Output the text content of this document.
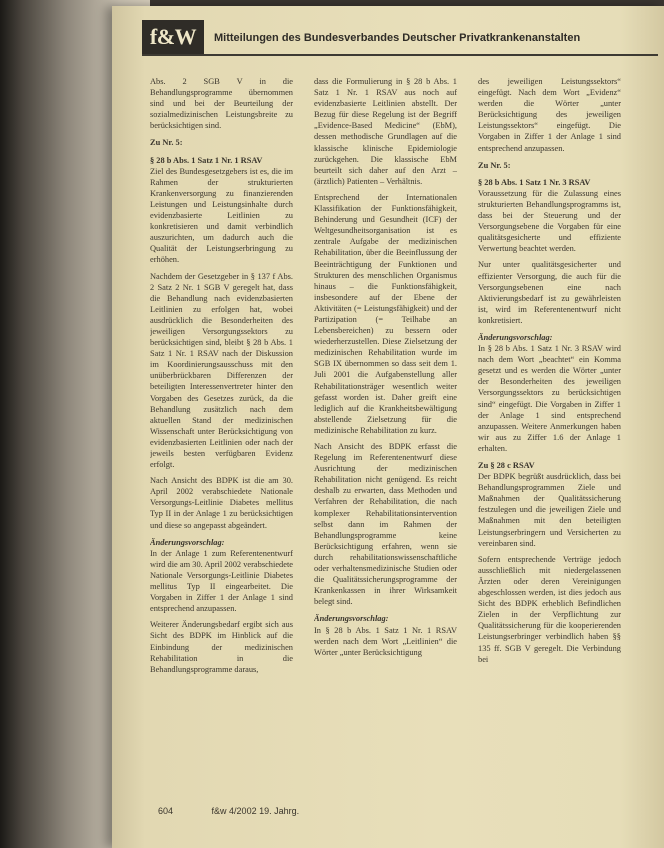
f&W	Mitteilungen des Bundesverbandes Deutscher Privatkrankenanstalten

Abs. 2 SGB V in die Behandlungsprogramme übernommen sind und bei der Beurteilung der sozialmedizinischen Leistungsbreite zu berücksichtigen sind.

Zu Nr. 5:

§ 28 b Abs. 1 Satz 1 Nr. 1 RSAV

Ziel des Bundesgesetzgebers ist es, die im Rahmen der strukturierten Krankenversorgung zu finanzierenden Leistungen und Leistungsinhalte durch evidenzbasierte Leitlinien zu konkretisieren und damit verbindlich auszurichten, um dadurch auch die Qualität der Leistungserbringung zu erhöhen.

Nachdem der Gesetzgeber in § 137 f Abs. 2 Satz 2 Nr. 1 SGB V geregelt hat, dass die Behandlung nach evidenzbasierten Leitlinien zu erfolgen hat, wobei ausdrücklich die Besonderheiten des jeweiligen Versorgungssektors zu berücksichtigen sind, bleibt § 28 b Abs. 1 Satz 1 Nr. 1 RSAV nach der Diskussion im Koordinierungsausschuss mit den unüberbrückbaren Differenzen der beteiligten Interessenvertreter hinter den Vorgaben des Gesetzes zurück, da die Behandlung zusätzlich nach dem aktuellen Stand der medizinischen Wissenschaft unter Berücksichtigung von evidenzbasierten Leitlinien oder nach der jeweils besten verfügbaren Evidenz erfolgt.

Nach Ansicht des BDPK ist die am 30. April 2002 verabschiedete Nationale Versorgungs-Leitlinie Diabetes mellitus Typ II in der Anlage 1 zu berücksichtigen und diese so angepasst abgeändert.

Änderungsvorschlag:

In der Anlage 1 zum Referentenentwurf wird die am 30. April 2002 verabschiedete Nationale Versorgungs-Leitlinie Diabetes mellitus Typ II eingearbeitet. Die Vorgaben in Ziffer 1 der Anlage 1 sind entsprechend anzupassen.

Weiterer Änderungsbedarf ergibt sich aus Sicht des BDPK im Hinblick auf die Einbindung der medizinischen Rehabilitation in die Behandlungsprogramme daraus,

dass die Formulierung in § 28 b Abs. 1 Satz 1 Nr. 1 RSAV aus noch auf evidenzbasierte Leitlinien abstellt. Der Bezug für diese Regelung ist der Begriff „Evidence-Based Medicine“ (EbM), dessen methodische Grundlagen auf die klassische klinische Epidemiologie zurückgehen. Die klassische EbM beurteilt sich daher auf den Arzt – (ärztlich) Patienten – Verhältnis.

Entsprechend der Internationalen Klassifikation der Funktionsfähigkeit, Behinderung und Gesundheit (ICF) der Weltgesundheitsorganisation ist es zentrale Aufgabe der medizinischen Rehabilitation, über die Beeinflussung der Beeinträchtigung der Funktionen und Strukturen des menschlichen Organismus hinaus – die Funktionsfähigkeit, insbesondere auf der Ebene der Aktivitäten (= Leistungsfähigkeit) und der Partizipation (= Teilhabe an Lebensbereichen) zu bessern oder wiederherzustellen. Diese Zielsetzung der medizinischen Rehabilitation wurde im SGB IX übernommen so dass seit dem 1. Juli 2001 die Aufgabenstellung aller Rehabilitationsträger wesentlich weiter gefasst worden ist. Daher greift eine lediglich auf die Krankheitsbewältigung abstellende Zielsetzung für die medizinische Rehabilitation zu kurz.

Nach Ansicht des BDPK erfasst die Regelung im Referentenentwurf diese Ausrichtung der medizinischen Rehabilitation nicht genügend. Es reicht deshalb zu erwarten, dass Methoden und Verfahren der Rehabilitation, die nach komplexer Rehabilitationsintervention selbst dann im Rahmen der Behandlungsprogramme keine Berücksichtigung erfahren, wenn sie durch rehabilitationswissenschaftliche oder verhaltensmedizinische Studien oder die Qualitätssicherungsprogramme der Krankenkassen in ihrer Wirksamkeit belegt sind.

Änderungsvorschlag:

In § 28 b Abs. 1 Satz 1 Nr. 1 RSAV werden nach dem Wort „Leitlinien“ die Wörter „unter Berücksichtigung

des jeweiligen Leistungssektors“ eingefügt. Nach dem Wort „Evidenz“ werden die Wörter „unter Berücksichtigung des jeweiligen Leistungssektors“ eingefügt. Die Vorgaben in Ziffer 1 der Anlage 1 sind entsprechend anzupassen.

Zu Nr. 5:

§ 28 b Abs. 1 Satz 1 Nr. 3 RSAV

Voraussetzung für die Zulassung eines strukturierten Behandlungsprogramms ist, dass bei der Steuerung und der Versorgungsebene die Vorgaben für eine qualitätsgesicherte und effiziente Verwertung beachtet werden.

Nur unter qualitätsgesicherter und effizienter Versorgung, die auch für die Versorgungsebenen eine nach Aktivierungsbedarf ist zu gewährleisten ist, wird im Referentenentwurf nicht konkretisiert.

Änderungsvorschlag:

In § 28 b Abs. 1 Satz 1 Nr. 3 RSAV wird nach dem Wort „beachtet“ ein Komma gesetzt und es werden die Wörter „unter der Besonderheiten des jeweiligen Versorgungssektors zu berücksichtigen sind“ eingefügt. Die Vorgaben in Ziffer 1 der Anlage 1 sind entsprechend anzupassen. Weitere Anmerkungen haben wir aus zu Ziffer 1.6 der Anlage 1 erhalten.

Zu § 28 c RSAV

Der BDPK begrüßt ausdrücklich, dass bei Behandlungsprogrammen Ziele und Maßnahmen der Qualitätssicherung festzulegen und die jeweiligen Ziele und Maßnahmen mit den beteiligten Leistungserbringern und Versicherten zu vereinbaren sind.

Sofern entsprechende Verträge jedoch ausschließlich mit niedergelassenen Ärzten oder deren Vereinigungen abgeschlossen werden, ist dies jedoch aus Sicht des BDPK erheblich Befindlichen Zielen in der Verpflichtung zur Qualitätssicherung für die kooperierenden Leistungserbringer verbindlich haben §§ 135 ff. SGB V geregelt. Die Verbindung bei

604	f&w 4/2002 19. Jahrg.
